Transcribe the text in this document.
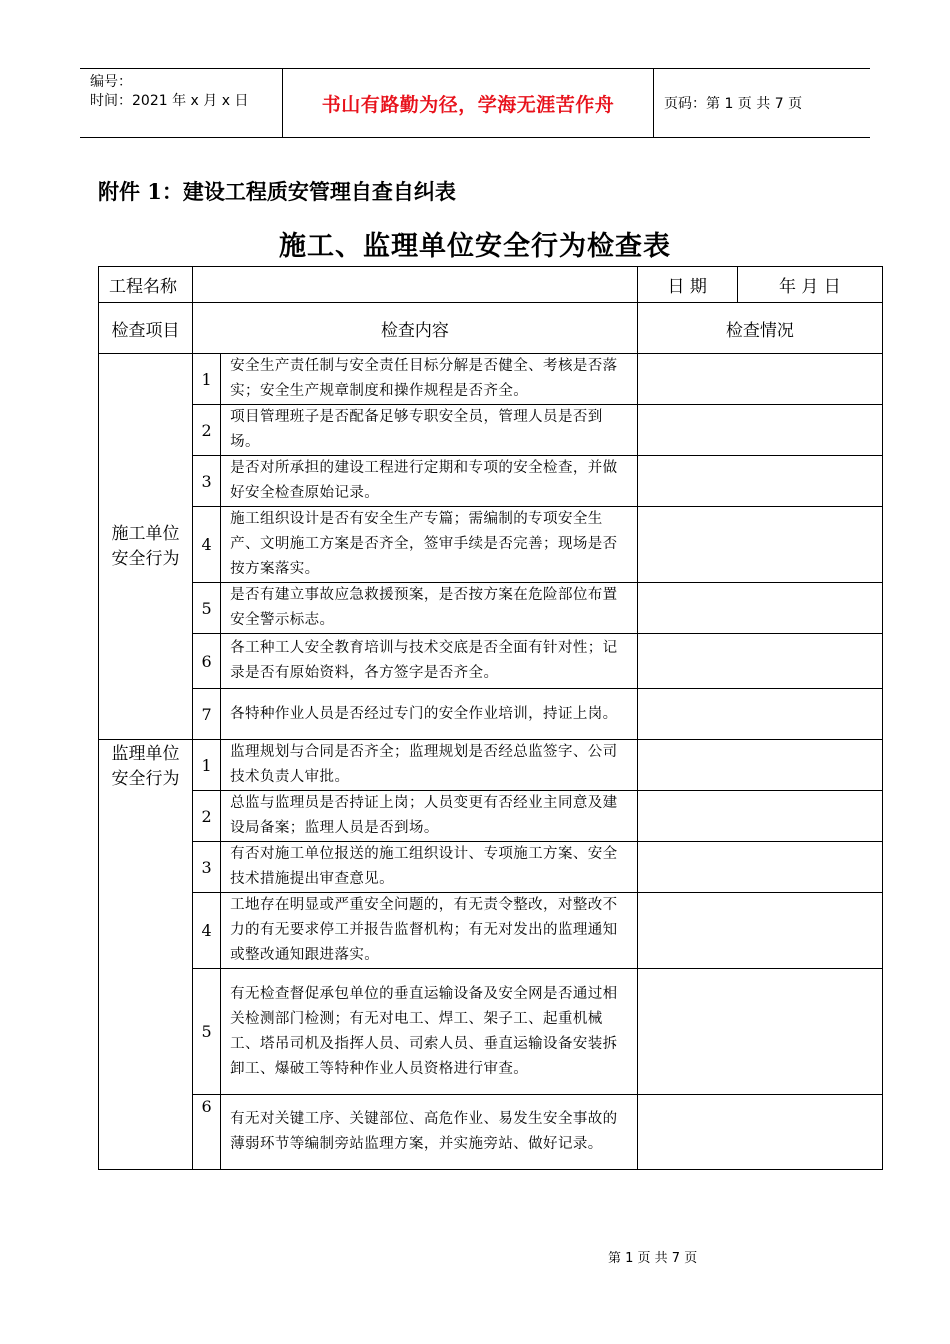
编号：
时间：2021 年 x 月 x 日	书山有路勤为径，学海无涯苦作舟	页码：第 1 页 共 7 页
附件 1：建设工程质安管理自查自纠表
施工、监理单位安全行为检查表
工程名称			日 期	年 月 日
检查项目	检查内容		检查情况	

施工单位
安全行为	1	安全生产责任制与安全责任目标分解是否健全、考核是否落实；安全生产规章制度和操作规程是否齐全。		
	2	项目管理班子是否配备足够专职安全员，管理人员是否到场。		
	3	是否对所承担的建设工程进行定期和专项的安全检查，并做好安全检查原始记录。		
	4	施工组织设计是否有安全生产专篇；需编制的专项安全生产、文明施工方案是否齐全，签审手续是否完善；现场是否按方案落实。		
	5	是否有建立事故应急救援预案，是否按方案在危险部位布置安全警示标志。		
	6	各工种工人安全教育培训与技术交底是否全面有针对性；记录是否有原始资料，各方签字是否齐全。		
	7	各特种作业人员是否经过专门的安全作业培训，持证上岗。		

监理单位
安全行为	1	监理规划与合同是否齐全；监理规划是否经总监签字、公司技术负责人审批。		
	2	总监与监理员是否持证上岗；人员变更有否经业主同意及建设局备案；监理人员是否到场。		
	3	有否对施工单位报送的施工组织设计、专项施工方案、安全技术措施提出审查意见。		
	4	工地存在明显或严重安全问题的，有无责令整改，对整改不力的有无要求停工并报告监督机构；有无对发出的监理通知或整改通知跟进落实。		
	5	有无检查督促承包单位的垂直运输设备及安全网是否通过相关检测部门检测；有无对电工、焊工、架子工、起重机械工、塔吊司机及指挥人员、司索人员、垂直运输设备安装拆卸工、爆破工等特种作业人员资格进行审查。		
	6	有无对关键工序、关键部位、高危作业、易发生安全事故的薄弱环节等编制旁站监理方案，并实施旁站、做好记录。		
第 1 页 共 7 页
